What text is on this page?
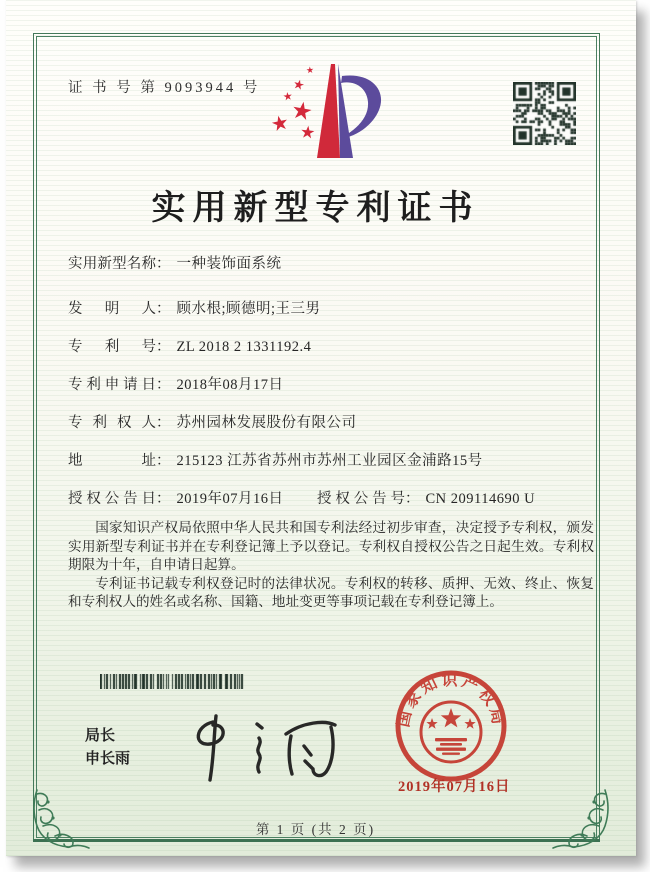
证 书 号 第 9093944 号
★
★
★
★
★
★
实用新型专利证书
实用新型名称： 一种装饰面系统
发明人： 顾水根;顾德明;王三男
专利号： ZL 2018 2 1331192.4
专利申请日： 2018年08月17日
专利权人： 苏州园林发展股份有限公司
地址： 215123 江苏省苏州市苏州工业园区金浦路15号
授权公告日： 2019年07月16日 授权公告号： CN 209114690 U

国家知识产权局依照中华人民共和国专利法经过初步审查，决定授予专利权，颁发实用新型专利证书并在专利登记簿上予以登记。专利权自授权公告之日起生效。专利权期限为十年，自申请日起算。

专利证书记载专利权登记时的法律状况。专利权的转移、质押、无效、终止、恢复和专利权人的姓名或名称、国籍、地址变更等事项记载在专利登记簿上。

局长
申长雨
国家知识产权局
2019年07月16日
第 1 页 (共 2 页)
